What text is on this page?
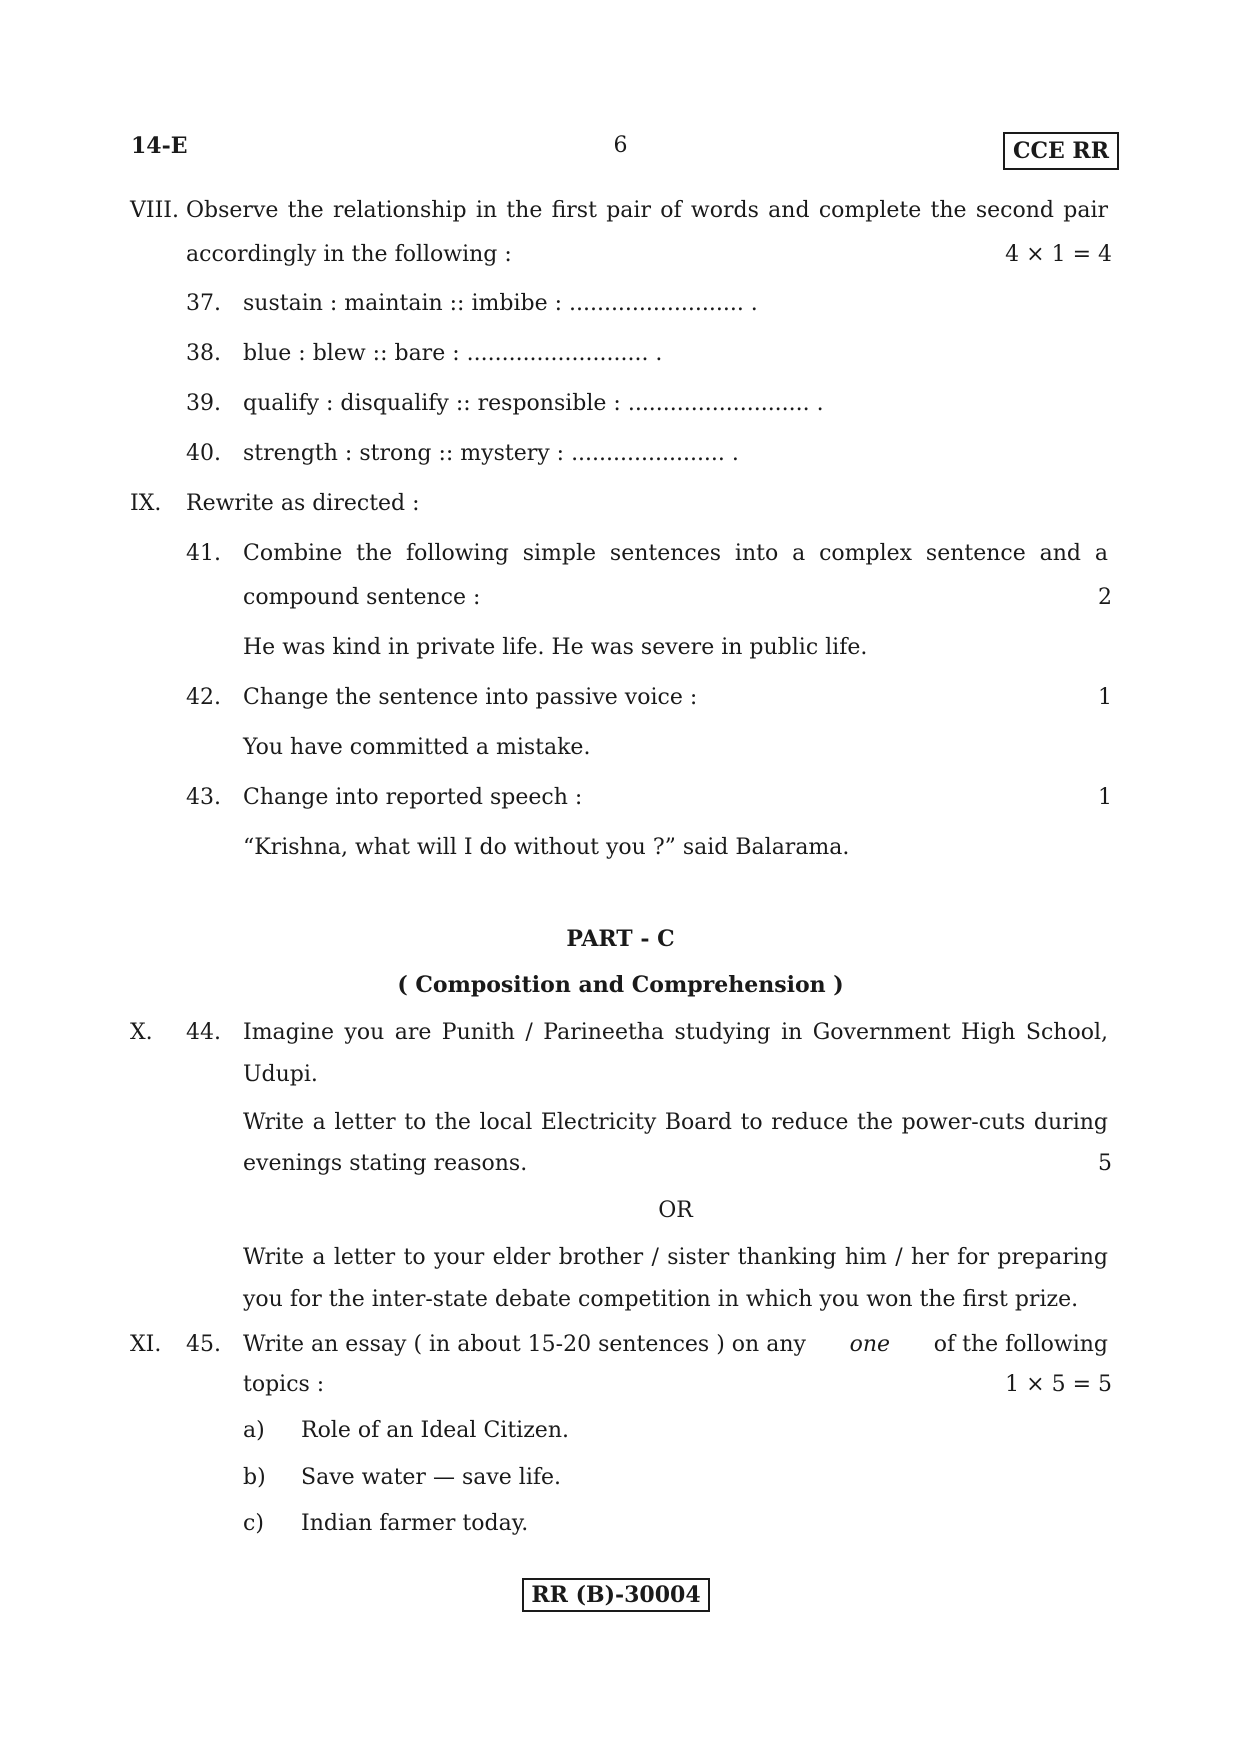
14-E	6	CCE RR
VIII. Observe the relationship in the first pair of words and complete the second pair
accordingly in the following :	4 × 1 = 4
37. sustain : maintain :: imbibe : ......................... .
38. blue : blew :: bare : .......................... .
39. qualify : disqualify :: responsible : .......................... .
40. strength : strong :: mystery : ...................... .
IX. Rewrite as directed :
41. Combine the following simple sentences into a complex sentence and a
compound sentence :	2
He was kind in private life. He was severe in public life.
42. Change the sentence into passive voice :	1
You have committed a mistake.
43. Change into reported speech :	1
“Krishna, what will I do without you ?” said Balarama.
PART - C
( Composition and Comprehension )
X. 44. Imagine you are Punith / Parineetha studying in Government High School,
Udupi.
Write a letter to the local Electricity Board to reduce the power-cuts during
evenings stating reasons.	5
OR
Write a letter to your elder brother / sister thanking him / her for preparing
you for the inter-state debate competition in which you won the first prize.
XI. 45. Write an essay ( in about 15-20 sentences ) on any one of the following
topics :	1 × 5 = 5
a) Role of an Ideal Citizen.
b) Save water — save life.
c) Indian farmer today.
RR (B)-30004
